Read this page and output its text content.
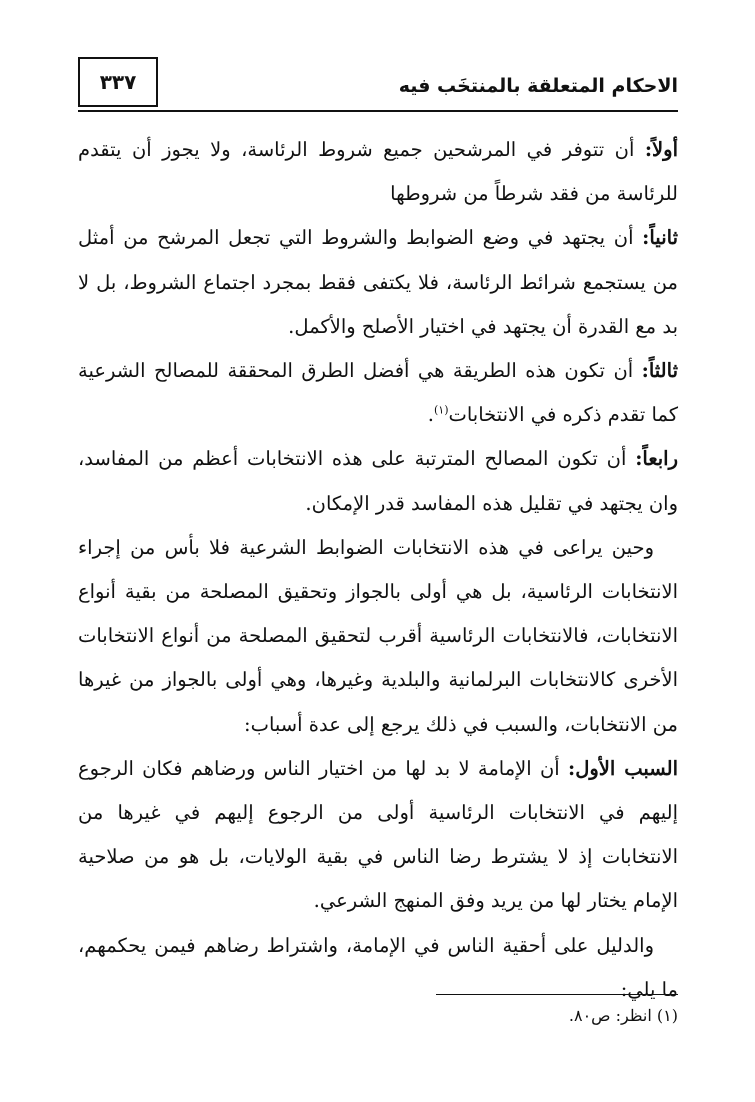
الاحكام المتعلقة بالمنتخَب فيه
٣٣٧

أولاً: أن تتوفر في المرشحين جميع شروط الرئاسة، ولا يجوز أن يتقدم للرئاسة من فقد شرطاً من شروطها

ثانياً: أن يجتهد في وضع الضوابط والشروط التي تجعل المرشح من أمثل من يستجمع شرائط الرئاسة، فلا يكتفى فقط بمجرد اجتماع الشروط، بل لا بد مع القدرة أن يجتهد في اختيار الأصلح والأكمل.

ثالثاً: أن تكون هذه الطريقة هي أفضل الطرق المحققة للمصالح الشرعية كما تقدم ذكره في الانتخابات$^{(١)}$.

رابعاً: أن تكون المصالح المترتبة على هذه الانتخابات أعظم من المفاسد، وان يجتهد في تقليل هذه المفاسد قدر الإمكان.

وحين يراعى في هذه الانتخابات الضوابط الشرعية فلا بأس من إجراء الانتخابات الرئاسية، بل هي أولى بالجواز وتحقيق المصلحة من بقية أنواع الانتخابات، فالانتخابات الرئاسية أقرب لتحقيق المصلحة من أنواع الانتخابات الأخرى كالانتخابات البرلمانية والبلدية وغيرها، وهي أولى بالجواز من غيرها من الانتخابات، والسبب في ذلك يرجع إلى عدة أسباب:

السبب الأول: أن الإمامة لا بد لها من اختيار الناس ورضاهم فكان الرجوع إليهم في الانتخابات الرئاسية أولى من الرجوع إليهم في غيرها من الانتخابات إذ لا يشترط رضا الناس في بقية الولايات، بل هو من صلاحية الإمام يختار لها من يريد وفق المنهج الشرعي.

والدليل على أحقية الناس في الإمامة، واشتراط رضاهم فيمن يحكمهم، ما يلي:

(١) انظر: ص٨٠.
